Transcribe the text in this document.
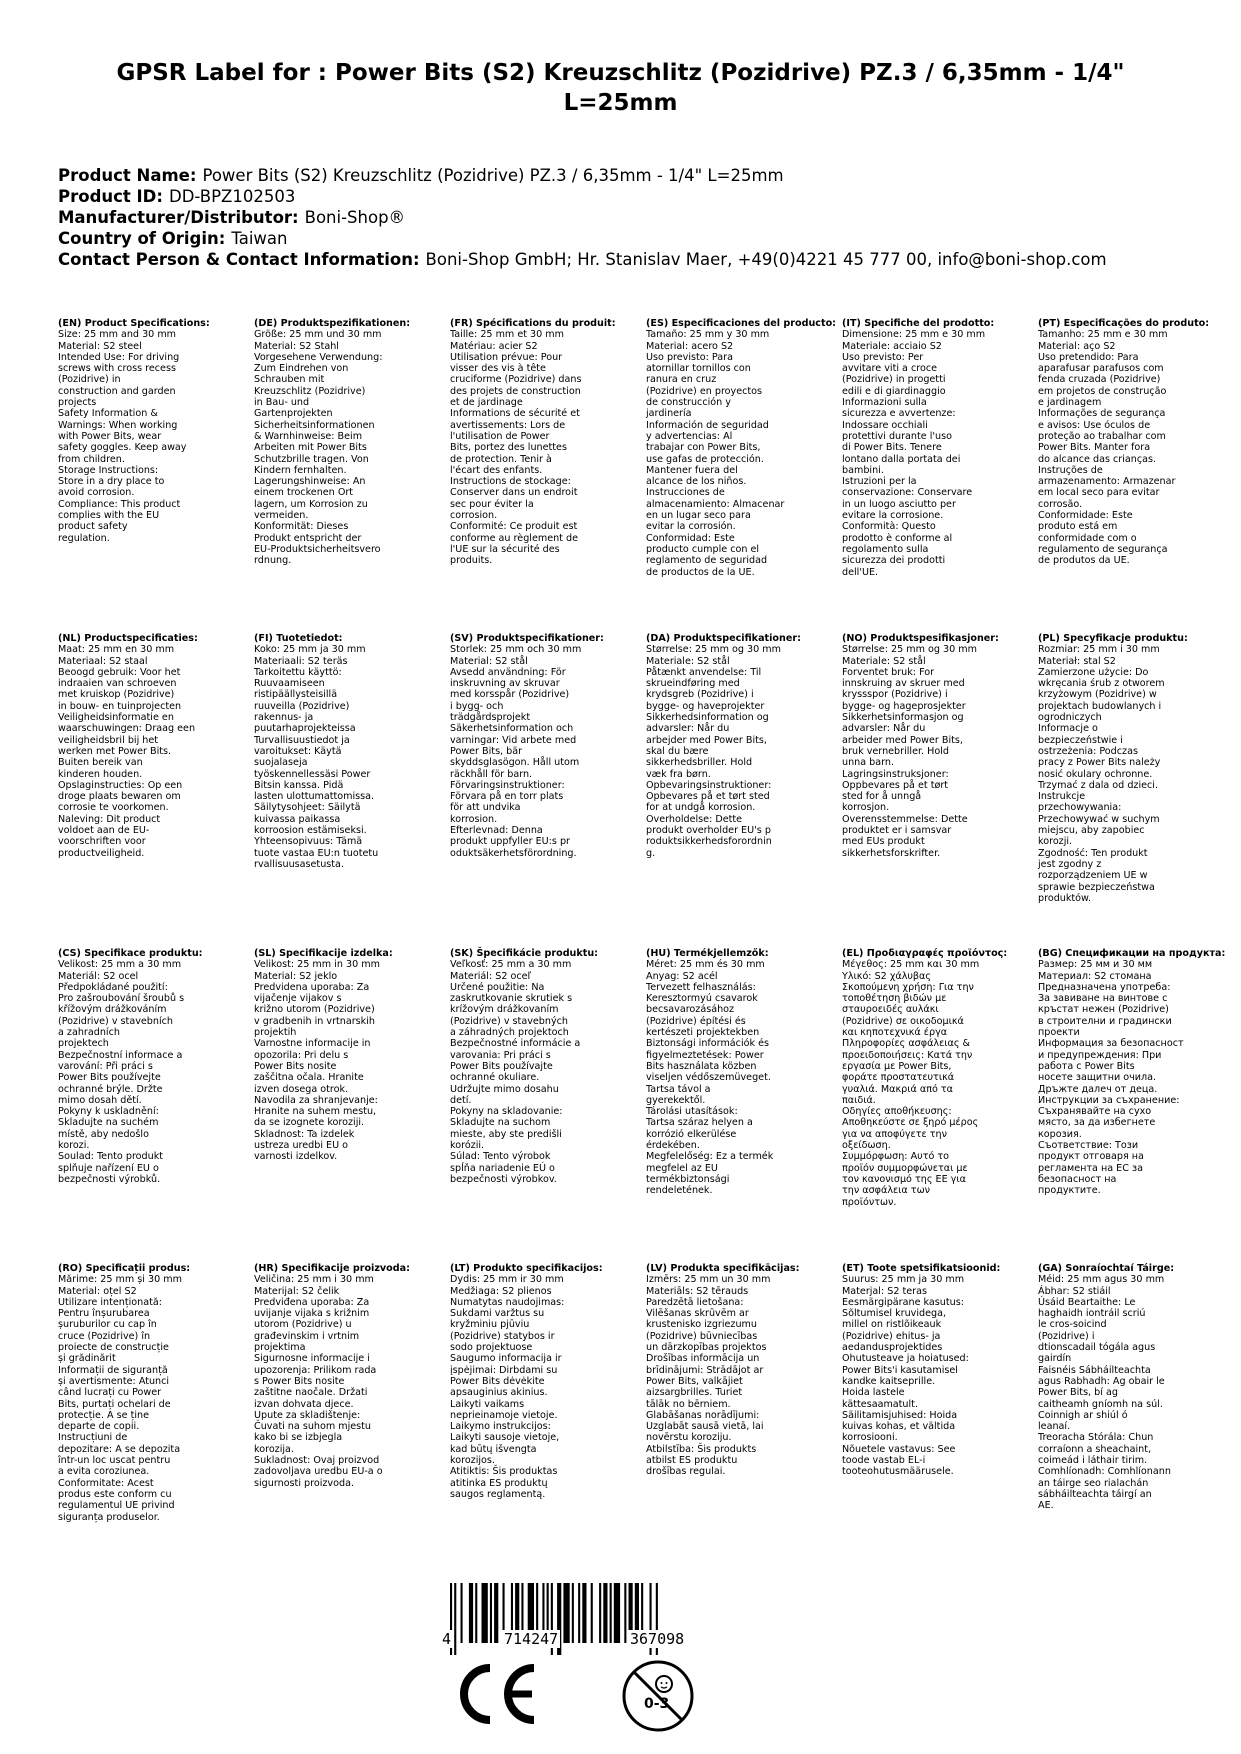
GPSR Label for : Power Bits (S2) Kreuzschlitz (Pozidrive) PZ.3 / 6,35mm - 1/4" L=25mm
Product Name: Power Bits (S2) Kreuzschlitz (Pozidrive) PZ.3 / 6,35mm - 1/4" L=25mm
Product ID: DD-BPZ102503
Manufacturer/Distributor: Boni-Shop®
Country of Origin: Taiwan
Contact Person & Contact Information: Boni-Shop GmbH; Hr. Stanislav Maer, +49(0)4221 45 777 00, info@boni-shop.com
(EN) Product Specifications:
Size: 25 mm and 30 mm
Material: S2 steel
Intended Use: For driving
screws with cross recess
(Pozidrive) in
construction and garden
projects
Safety Information &
Warnings: When working
with Power Bits, wear
safety goggles. Keep away
from children.
Storage Instructions:
Store in a dry place to
avoid corrosion.
Compliance: This product
complies with the EU
product safety
regulation.
(DE) Produktspezifikationen:
Größe: 25 mm und 30 mm
Material: S2 Stahl
Vorgesehene Verwendung:
Zum Eindrehen von
Schrauben mit
Kreuzschlitz (Pozidrive)
in Bau- und
Gartenprojekten
Sicherheitsinformationen
& Warnhinweise: Beim
Arbeiten mit Power Bits
Schutzbrille tragen. Von
Kindern fernhalten.
Lagerungshinweise: An
einem trockenen Ort
lagern, um Korrosion zu
vermeiden.
Konformität: Dieses
Produkt entspricht der
EU-Produktsicherheitsvero
rdnung.
(FR) Spécifications du produit:
Taille: 25 mm et 30 mm
Matériau: acier S2
Utilisation prévue: Pour
visser des vis à tête
cruciforme (Pozidrive) dans
des projets de construction
et de jardinage
Informations de sécurité et
avertissements: Lors de
l'utilisation de Power
Bits, portez des lunettes
de protection. Tenir à
l'écart des enfants.
Instructions de stockage:
Conserver dans un endroit
sec pour éviter la
corrosion.
Conformité: Ce produit est
conforme au règlement de
l'UE sur la sécurité des
produits.
(ES) Especificaciones del producto:
Tamaño: 25 mm y 30 mm
Material: acero S2
Uso previsto: Para
atornillar tornillos con
ranura en cruz
(Pozidrive) en proyectos
de construcción y
jardinería
Información de seguridad
y advertencias: Al
trabajar con Power Bits,
use gafas de protección.
Mantener fuera del
alcance de los niños.
Instrucciones de
almacenamiento: Almacenar
en un lugar seco para
evitar la corrosión.
Conformidad: Este
producto cumple con el
reglamento de seguridad
de productos de la UE.
(IT) Specifiche del prodotto:
Dimensione: 25 mm e 30 mm
Materiale: acciaio S2
Uso previsto: Per
avvitare viti a croce
(Pozidrive) in progetti
edili e di giardinaggio
Informazioni sulla
sicurezza e avvertenze:
Indossare occhiali
protettivi durante l'uso
di Power Bits. Tenere
lontano dalla portata dei
bambini.
Istruzioni per la
conservazione: Conservare
in un luogo asciutto per
evitare la corrosione.
Conformità: Questo
prodotto è conforme al
regolamento sulla
sicurezza dei prodotti
dell'UE.
(PT) Especificações do produto:
Tamanho: 25 mm e 30 mm
Material: aço S2
Uso pretendido: Para
aparafusar parafusos com
fenda cruzada (Pozidrive)
em projetos de construção
e jardinagem
Informações de segurança
e avisos: Use óculos de
proteção ao trabalhar com
Power Bits. Manter fora
do alcance das crianças.
Instruções de
armazenamento: Armazenar
em local seco para evitar
corrosão.
Conformidade: Este
produto está em
conformidade com o
regulamento de segurança
de produtos da UE.
(NL) Productspecificaties:
Maat: 25 mm en 30 mm
Materiaal: S2 staal
Beoogd gebruik: Voor het
indraaien van schroeven
met kruiskop (Pozidrive)
in bouw- en tuinprojecten
Veiligheidsinformatie en
waarschuwingen: Draag een
veiligheidsbril bij het
werken met Power Bits.
Buiten bereik van
kinderen houden.
Opslaginstructies: Op een
droge plaats bewaren om
corrosie te voorkomen.
Naleving: Dit product
voldoet aan de EU-
voorschriften voor
productveiligheid.
(FI) Tuotetiedot:
Koko: 25 mm ja 30 mm
Materiaali: S2 teräs
Tarkoitettu käyttö:
Ruuvaamiseen
ristipäällysteisillä
ruuveilla (Pozidrive)
rakennus- ja
puutarhaprojekteissa
Turvallisuustiedot ja
varoitukset: Käytä
suojalaseja
työskennellessäsi Power
Bitsin kanssa. Pidä
lasten ulottumattomissa.
Säilytysohjeet: Säilytä
kuivassa paikassa
korroosion estämiseksi.
Yhteensopivuus: Tämä
tuote vastaa EU:n tuotetu
rvallisuusasetusta.
(SV) Produktspecifikationer:
Storlek: 25 mm och 30 mm
Material: S2 stål
Avsedd användning: För
inskruvning av skruvar
med korsspår (Pozidrive)
i bygg- och
trädgårdsprojekt
Säkerhetsinformation och
varningar: Vid arbete med
Power Bits, bär
skyddsglasögon. Håll utom
räckhåll för barn.
Förvaringsinstruktioner:
Förvara på en torr plats
för att undvika
korrosion.
Efterlevnad: Denna
produkt uppfyller EU:s pr
oduktsäkerhetsförordning.
(DA) Produktspecifikationer:
Størrelse: 25 mm og 30 mm
Materiale: S2 stål
Påtænkt anvendelse: Til
skrueindføring med
krydsgreb (Pozidrive) i
bygge- og haveprojekter
Sikkerhedsinformation og
advarsler: Når du
arbejder med Power Bits,
skal du bære
sikkerhedsbriller. Hold
væk fra børn.
Opbevaringsinstruktioner:
Opbevares på et tørt sted
for at undgå korrosion.
Overholdelse: Dette
produkt overholder EU's p
roduktsikkerhedsforordnin
g.
(NO) Produktspesifikasjoner:
Størrelse: 25 mm og 30 mm
Materiale: S2 stål
Forventet bruk: For
innskruing av skruer med
kryssspor (Pozidrive) i
bygge- og hageprosjekter
Sikkerhetsinformasjon og
advarsler: Når du
arbeider med Power Bits,
bruk vernebriller. Hold
unna barn.
Lagringsinstruksjoner:
Oppbevares på et tørt
sted for å unngå
korrosjon.
Overensstemmelse: Dette
produktet er i samsvar
med EUs produkt
sikkerhetsforskrifter.
(PL) Specyfikacje produktu:
Rozmiar: 25 mm i 30 mm
Materiał: stal S2
Zamierzone użycie: Do
wkręcania śrub z otworem
krzyżowym (Pozidrive) w
projektach budowlanych i
ogrodniczych
Informacje o
bezpieczeństwie i
ostrzeżenia: Podczas
pracy z Power Bits należy
nosić okulary ochronne.
Trzymać z dala od dzieci.
Instrukcje
przechowywania:
Przechowywać w suchym
miejscu, aby zapobiec
korozji.
Zgodność: Ten produkt
jest zgodny z
rozporządzeniem UE w
sprawie bezpieczeństwa
produktów.
(CS) Specifikace produktu:
Velikost: 25 mm a 30 mm
Materiál: S2 ocel
Předpokládané použití:
Pro zašroubování šroubů s
křížovým drážkováním
(Pozidrive) v stavebních
a zahradních
projektech
Bezpečnostní informace a
varování: Při práci s
Power Bits používejte
ochranné brýle. Držte
mimo dosah dětí.
Pokyny k uskladnění:
Skladujte na suchém
místě, aby nedošlo
korozi.
Soulad: Tento produkt
splňuje nařízení EU o
bezpečnosti výrobků.
(SL) Specifikacije izdelka:
Velikost: 25 mm in 30 mm
Material: S2 jeklo
Predvidena uporaba: Za
vijačenje vijakov s
križno utorom (Pozidrive)
v gradbenih in vrtnarskih
projektih
Varnostne informacije in
opozorila: Pri delu s
Power Bits nosite
zaščitna očala. Hranite
izven dosega otrok.
Navodila za shranjevanje:
Hranite na suhem mestu,
da se izognete koroziji.
Skladnost: Ta izdelek
ustreza uredbi EU o
varnosti izdelkov.
(SK) Špecifikácie produktu:
Veľkosť: 25 mm a 30 mm
Materiál: S2 oceľ
Určené použitie: Na
zaskrutkovanie skrutiek s
krížovým drážkovaním
(Pozidrive) v stavebných
a záhradných projektoch
Bezpečnostné informácie a
varovania: Pri práci s
Power Bits používajte
ochranné okuliare.
Udržujte mimo dosahu
detí.
Pokyny na skladovanie:
Skladujte na suchom
mieste, aby ste predišli
korózii.
Súlad: Tento výrobok
spĺňa nariadenie EÚ o
bezpečnosti výrobkov.
(HU) Termékjellemzők:
Méret: 25 mm és 30 mm
Anyag: S2 acél
Tervezett felhasználás:
Keresztormyú csavarok
becsavarozásához
(Pozidrive) építési és
kertészeti projektekben
Biztonsági információk és
figyelmeztetések: Power
Bits használata közben
viseljen védőszemüveget.
Tartsa távol a
gyerekektől.
Tárolási utasítások:
Tartsa száraz helyen a
korrózió elkerülése
érdekében.
Megfelelőség: Ez a termék
megfelel az EU
termékbiztonsági
rendeletének.
(EL) Προδιαγραφές προϊόντος:
Μέγεθος: 25 mm και 30 mm
Υλικό: S2 χάλυβας
Σκοπούμενη χρήση: Για την
τοποθέτηση βιδών με
σταυροειδές αυλάκι
(Pozidrive) σε οικοδομικά
και κηποτεχνικά έργα
Πληροφορίες ασφάλειας &
προειδοποιήσεις: Κατά την
εργασία με Power Bits,
φοράτε προστατευτικά
γυαλιά. Μακριά από τα
παιδιά.
Οδηγίες αποθήκευσης:
Αποθηκεύστε σε ξηρό μέρος
για να αποφύγετε την
οξείδωση.
Συμμόρφωση: Αυτό το
προϊόν συμμορφώνεται με
τον κανονισμό της ΕΕ για
την ασφάλεια των
προϊόντων.
(BG) Спецификации на продукта:
Размер: 25 мм и 30 мм
Материал: S2 стомана
Предназначена употреба:
За завиване на винтове с
кръстат нежен (Pozidrive)
в строителни и градински
проекти
Информация за безопасност
и предупреждения: При
работа с Power Bits
носете защитни очила.
Дръжте далеч от деца.
Инструкции за съхранение:
Съхранявайте на сухо
място, за да избегнете
корозия.
Съответствие: Този
продукт отговаря на
регламента на ЕС за
безопасност на
продуктите.
(RO) Specificații produs:
Mărime: 25 mm și 30 mm
Material: oțel S2
Utilizare intenționată:
Pentru înșurubarea
șuruburilor cu cap în
cruce (Pozidrive) în
proiecte de construcție
și grădinărit
Informații de siguranță
și avertismente: Atunci
când lucrați cu Power
Bits, purtați ochelari de
protecție. A se ține
departe de copii.
Instrucțiuni de
depozitare: A se depozita
într-un loc uscat pentru
a evita coroziunea.
Conformitate: Acest
produs este conform cu
regulamentul UE privind
siguranța produselor.
(HR) Specifikacije proizvoda:
Veličina: 25 mm i 30 mm
Materijal: S2 čelik
Predviđena uporaba: Za
uvijanje vijaka s križnim
utorom (Pozidrive) u
građevinskim i vrtnim
projektima
Sigurnosne informacije i
upozorenja: Prilikom rada
s Power Bits nosite
zaštitne naočale. Držati
izvan dohvata djece.
Upute za skladištenje:
Čuvati na suhom mjestu
kako bi se izbjegla
korozija.
Sukladnost: Ovaj proizvod
zadovoljava uredbu EU-a o
sigurnosti proizvoda.
(LT) Produkto specifikacijos:
Dydis: 25 mm ir 30 mm
Medžiaga: S2 plienos
Numatytas naudojimas:
Sukdami varžtus su
kryžminiu pjūviu
(Pozidrive) statybos ir
sodo projektuose
Saugumo informacija ir
įspėjimai: Dirbdami su
Power Bits dėvėkite
apsauginius akinius.
Laikyti vaikams
neprieinamoje vietoje.
Laikymo instrukcijos:
Laikyti sausoje vietoje,
kad būtų išvengta
korozijos.
Atitiktis: Šis produktas
atitinka ES produktų
saugos reglamentą.
(LV) Produkta specifikācijas:
Izmērs: 25 mm un 30 mm
Materiāls: S2 tērauds
Paredzētā lietošana:
Vilēšanas skrūvēm ar
krustenisko izgriezumu
(Pozidrive) būvniecības
un dārzkopības projektos
Drošības informācija un
brīdinājumi: Strādājot ar
Power Bits, valkājiet
aizsargbrilles. Turiet
tālāk no bērniem.
Glabāšanas norādījumi:
Uzglabāt sausā vietā, lai
novērstu koroziju.
Atbilstība: Šis produkts
atbilst ES produktu
drošības regulai.
(ET) Toote spetsifikatsioonid:
Suurus: 25 mm ja 30 mm
Materjal: S2 teras
Eesmärgipärane kasutus:
Sõltumisel kruvidega,
millel on ristlõikeauk
(Pozidrive) ehitus- ja
aedandusprojektides
Ohutusteave ja hoiatused:
Power Bits'i kasutamisel
kandke kaitseprille.
Hoida lastele
kättesaamatult.
Säilitamisjuhised: Hoida
kuivas kohas, et vältida
korrosiooni.
Nõuetele vastavus: See
toode vastab EL-i
tooteohutusmäärusele.
(GA) Sonraíochtaí Táirge:
Méid: 25 mm agus 30 mm
Ábhar: S2 stiáil
Úsáid Beartaithe: Le
haghaidh iontráil scriú
le cros-soicind
(Pozidrive) i
dtionscadail tógála agus
gairdín
Faisnéis Sábháilteachta
agus Rabhadh: Ag obair le
Power Bits, bí ag
caitheamh gníomh na súl.
Coinnigh ar shiúl ó
leanaí.
Treoracha Stórála: Chun
corraíonn a sheachaint,
coimeád i láthair tirim.
Comhlíonadh: Comhlíonann
an táirge seo rialachán
sábháilteachta táirgí an
AE.
4	714247	367098
0-3
